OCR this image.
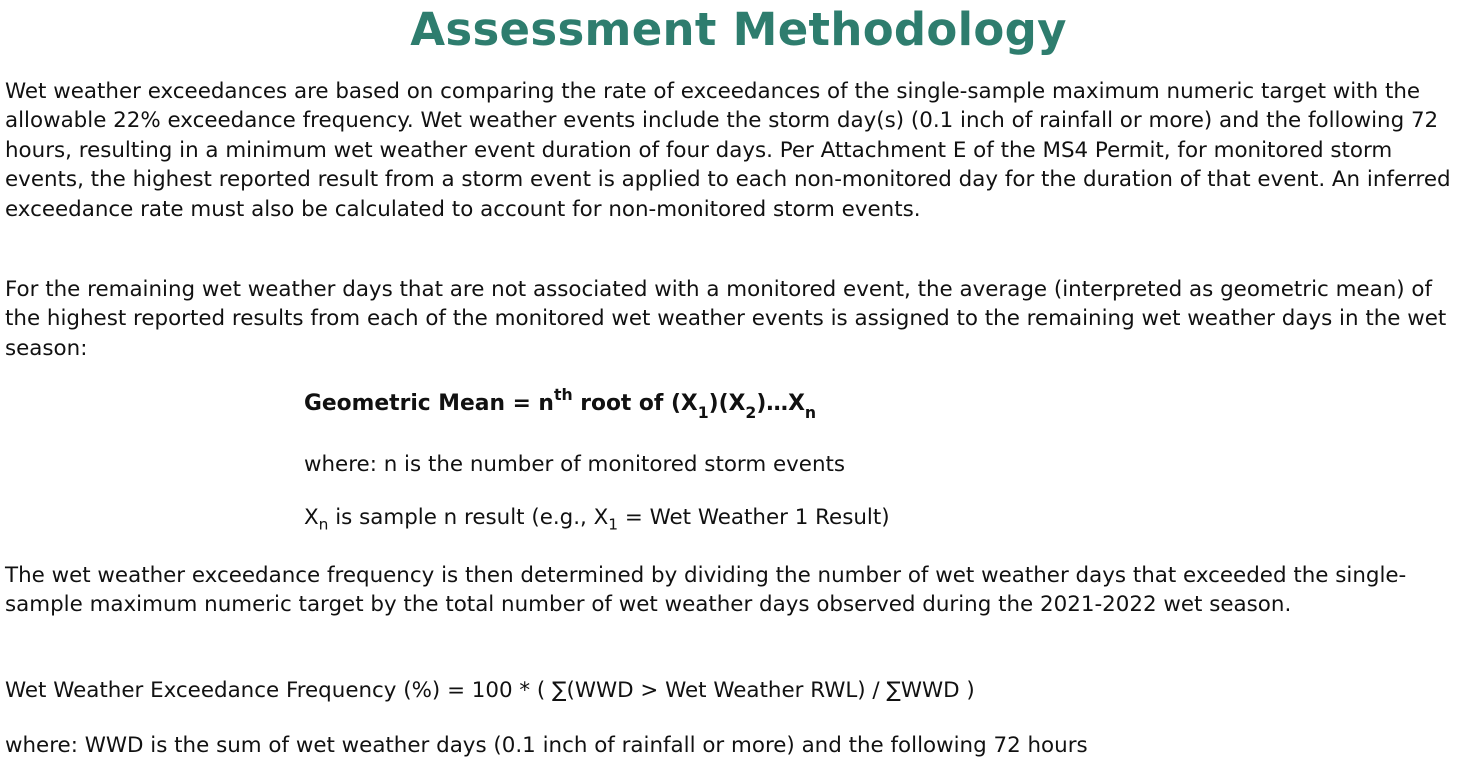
Assessment Methodology

Wet weather exceedances are based on comparing the rate of exceedances of the single-sample maximum numeric target with the allowable 22% exceedance frequency. Wet weather events include the storm day(s) (0.1 inch of rainfall or more) and the following 72 hours, resulting in a minimum wet weather event duration of four days. Per Attachment E of the MS4 Permit, for monitored storm events, the highest reported result from a storm event is applied to each non-monitored day for the duration of that event. An inferred exceedance rate must also be calculated to account for non-monitored storm events.

For the remaining wet weather days that are not associated with a monitored event, the average (interpreted as geometric mean) of the highest reported results from each of the monitored wet weather events is assigned to the remaining wet weather days in the wet season:

Geometric Mean = $n^{th}$ root of $(X_1)(X_2)\dots X_n$

where: n is the number of monitored storm events

$X_n$ is sample n result (e.g., $X_1$ = Wet Weather 1 Result)

The wet weather exceedance frequency is then determined by dividing the number of wet weather days that exceeded the single-sample maximum numeric target by the total number of wet weather days observed during the 2021-2022 wet season.

Wet Weather Exceedance Frequency (%) = 100 * ( ∑(WWD > Wet Weather RWL) / ∑WWD )

where: WWD is the sum of wet weather days (0.1 inch of rainfall or more) and the following 72 hours
